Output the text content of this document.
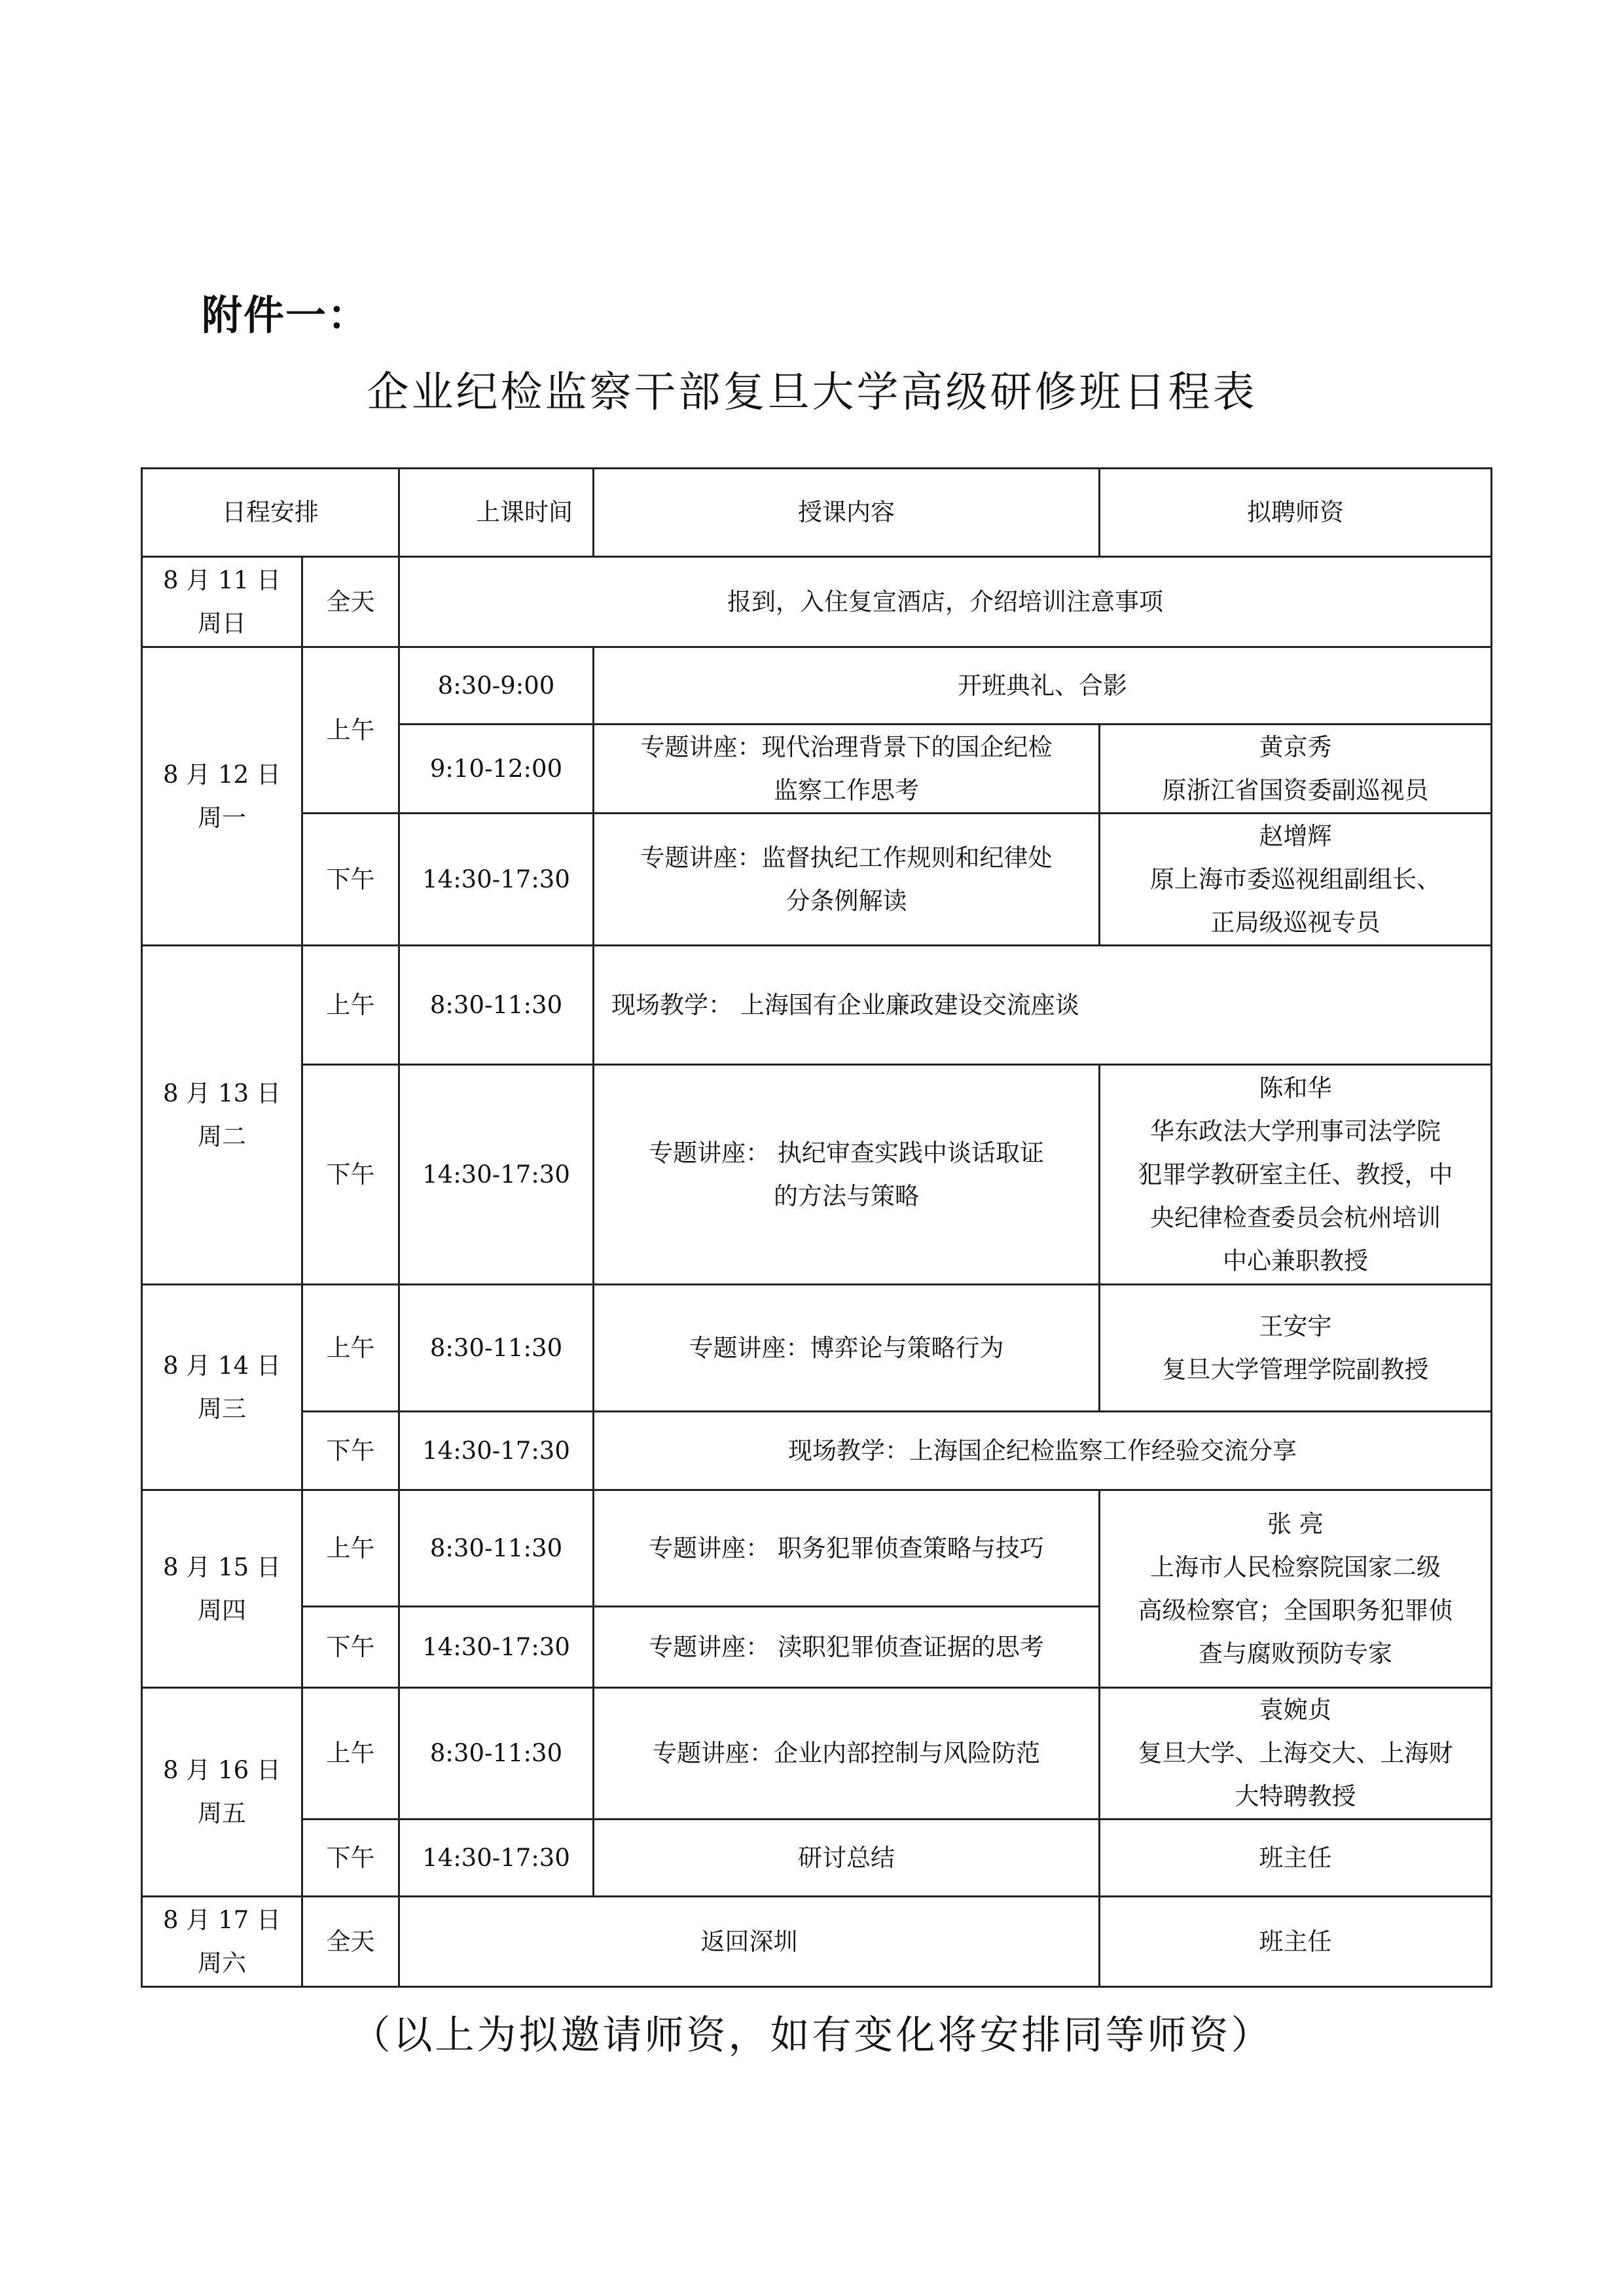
附件一：
企业纪检监察干部复旦大学高级研修班日程表
日程安排		上课时间	授课内容	拟聘师资

8 月 11 日
周日	全天	报到，入住复宣酒店，介绍培训注意事项		

8 月 12 日
周一	上午	8:30-9:00	开班典礼、合影	
		9:10-12:00	专题讲座：现代治理背景下的国企纪检
监察工作思考	黄京秀
原浙江省国资委副巡视员

	下午	14:30-17:30	专题讲座：监督执纪工作规则和纪律处
分条例解读	赵增辉
原上海市委巡视组副组长、
正局级巡视专员

8 月 13 日
周二	上午	8:30-11:30	现场教学： 上海国有企业廉政建设交流座谈	
	下午	14:30-17:30	专题讲座： 执纪审查实践中谈话取证
的方法与策略	陈和华
华东政法大学刑事司法学院
犯罪学教研室主任、教授，中
央纪律检查委员会杭州培训
中心兼职教授

8 月 14 日
周三	上午	8:30-11:30	专题讲座：博弈论与策略行为	王安宇
复旦大学管理学院副教授

	下午	14:30-17:30	现场教学：上海国企纪检监察工作经验交流分享	

8 月 15 日
周四	上午	8:30-11:30	专题讲座： 职务犯罪侦查策略与技巧	张 亮
上海市人民检察院国家二级
高级检察官；全国职务犯罪侦
查与腐败预防专家

	下午	14:30-17:30	专题讲座： 渎职犯罪侦查证据的思考	

8 月 16 日
周五	上午	8:30-11:30	专题讲座：企业内部控制与风险防范	袁婉贞
复旦大学、上海交大、上海财
大特聘教授

	下午	14:30-17:30	研讨总结	班主任

8 月 17 日
周六	全天	返回深圳		班主任
（以上为拟邀请师资，如有变化将安排同等师资）
